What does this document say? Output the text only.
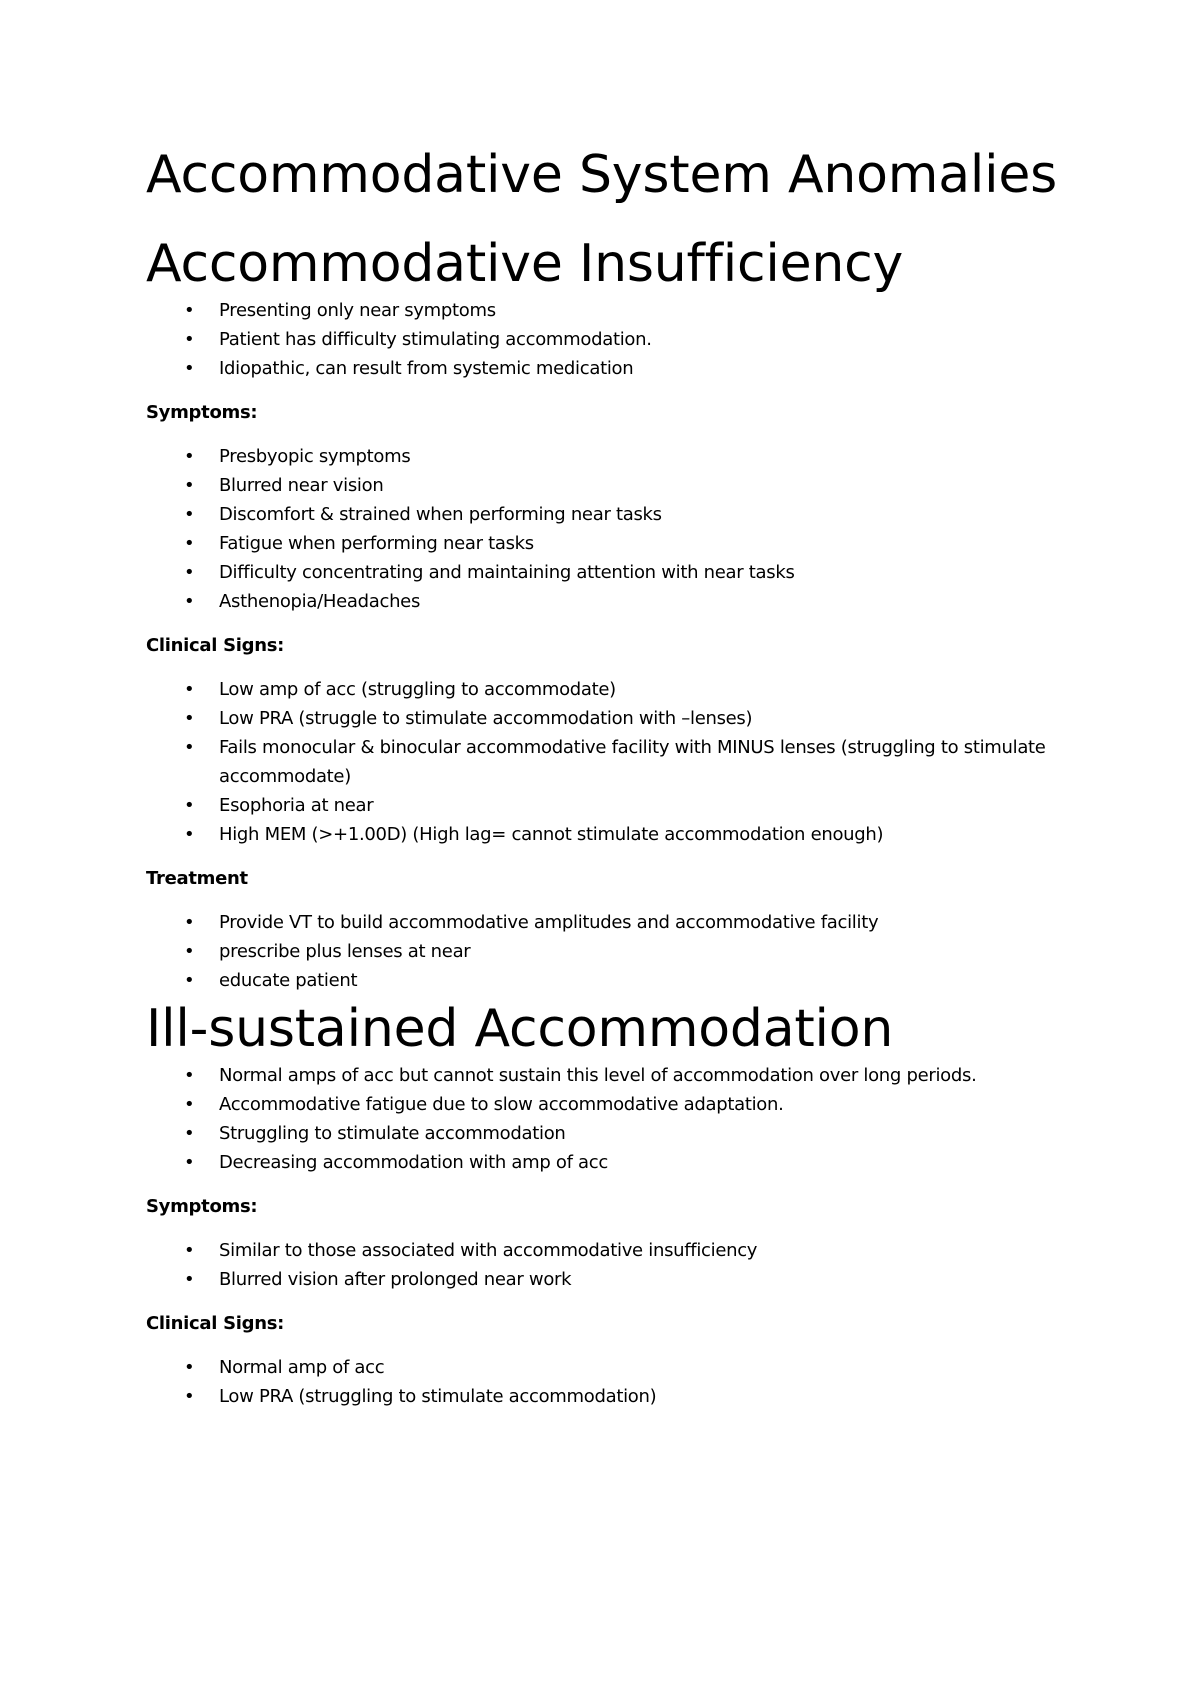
Accommodative System Anomalies
Accommodative Insufficiency
• Presenting only near symptoms
• Patient has difficulty stimulating accommodation.
• Idiopathic, can result from systemic medication

Symptoms:

• Presbyopic symptoms
• Blurred near vision
• Discomfort & strained when performing near tasks
• Fatigue when performing near tasks
• Difficulty concentrating and maintaining attention with near tasks
• Asthenopia/Headaches

Clinical Signs:

• Low amp of acc (struggling to accommodate)
• Low PRA (struggle to stimulate accommodation with –lenses)
• Fails monocular & binocular accommodative facility with MINUS lenses (struggling to stimulate accommodate)
• Esophoria at near
• High MEM (>+1.00D) (High lag= cannot stimulate accommodation enough)

Treatment

• Provide VT to build accommodative amplitudes and accommodative facility
• prescribe plus lenses at near
• educate patient
Ill-sustained Accommodation
• Normal amps of acc but cannot sustain this level of accommodation over long periods.
• Accommodative fatigue due to slow accommodative adaptation.
• Struggling to stimulate accommodation
• Decreasing accommodation with amp of acc

Symptoms:

• Similar to those associated with accommodative insufficiency
• Blurred vision after prolonged near work

Clinical Signs:

• Normal amp of acc
• Low PRA (struggling to stimulate accommodation)
